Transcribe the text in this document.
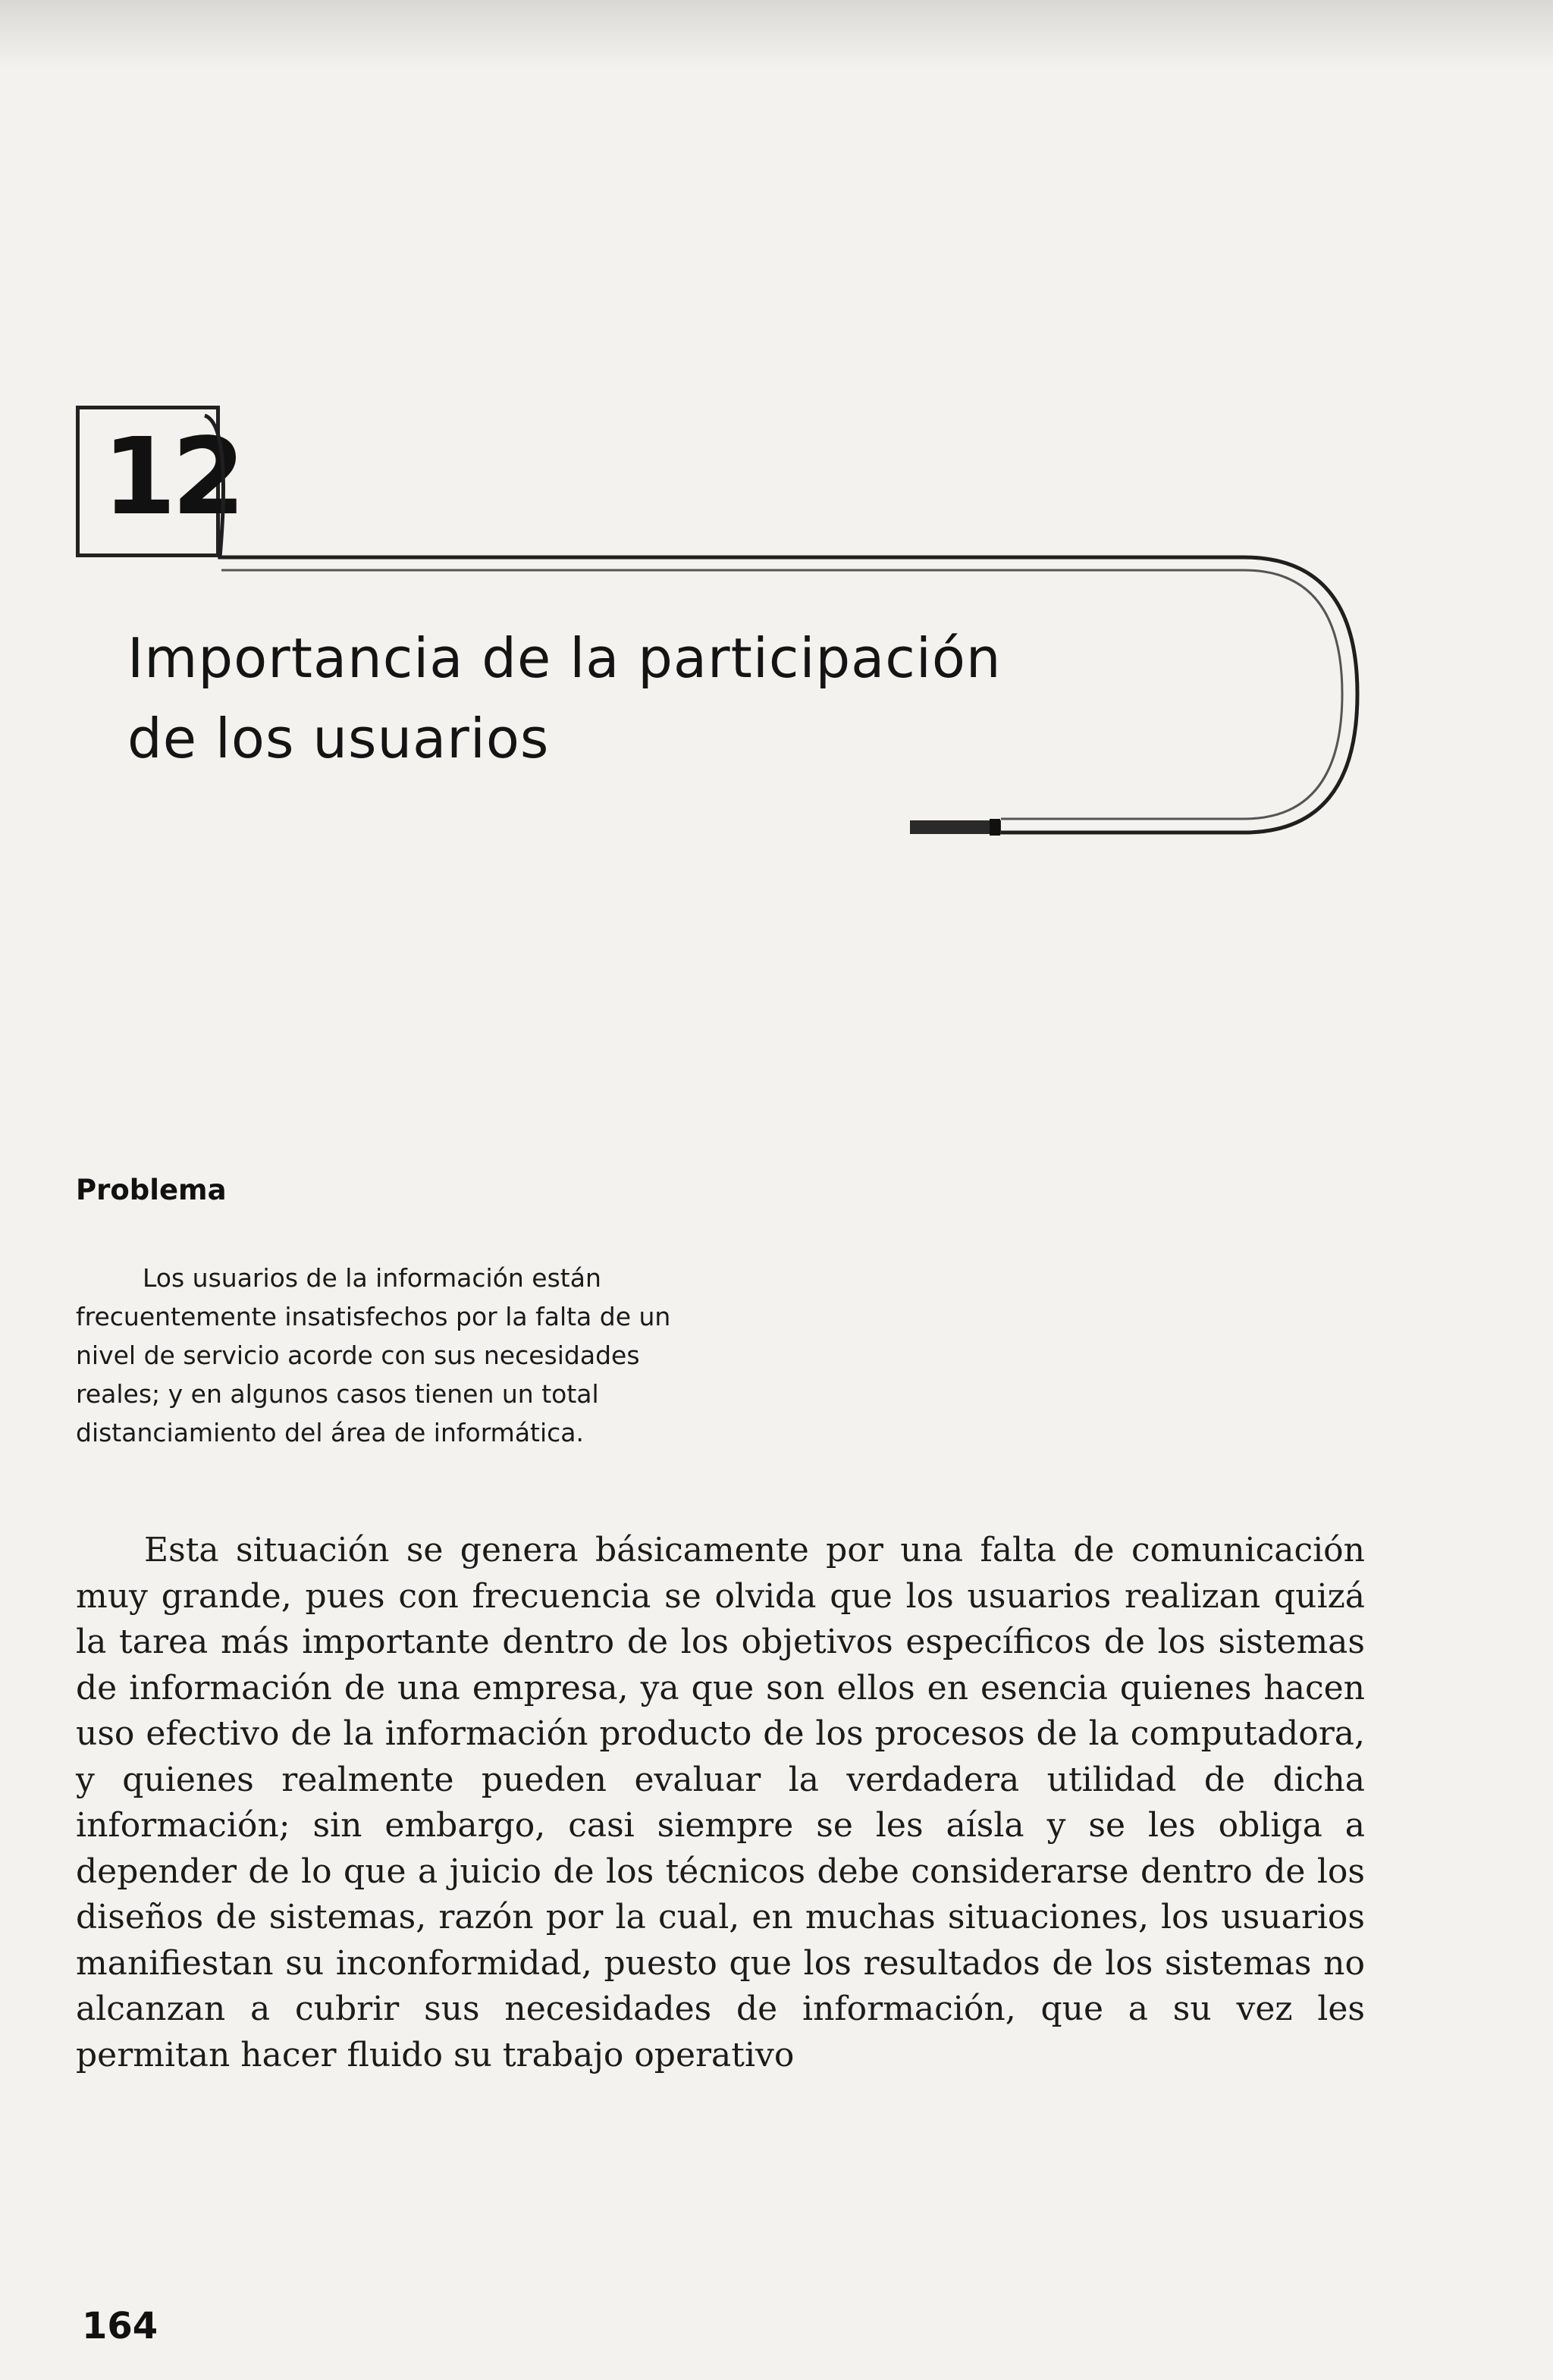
12
Importancia de la participación
de los usuarios
Problema
Los usuarios de la información están frecuentemente insatisfechos por la falta de un nivel de servicio acorde con sus necesidades reales; y en algunos casos tienen un total distanciamiento del área de informática.
Esta situación se genera básicamente por una falta de comunicación muy grande, pues con frecuencia se olvida que los usuarios realizan quizá la tarea más importante dentro de los objetivos específicos de los sistemas de información de una empresa, ya que son ellos en esencia quienes hacen uso efectivo de la información producto de los procesos de la computadora, y quienes realmente pueden evaluar la verdadera utilidad de dicha información; sin embargo, casi siempre se les aísla y se les obliga a depender de lo que a juicio de los técnicos debe considerarse dentro de los diseños de sistemas, razón por la cual, en muchas situaciones, los usuarios manifiestan su inconformidad, puesto que los resultados de los sistemas no alcanzan a cubrir sus necesidades de información, que a su vez les permitan hacer fluido su trabajo operativo
164
